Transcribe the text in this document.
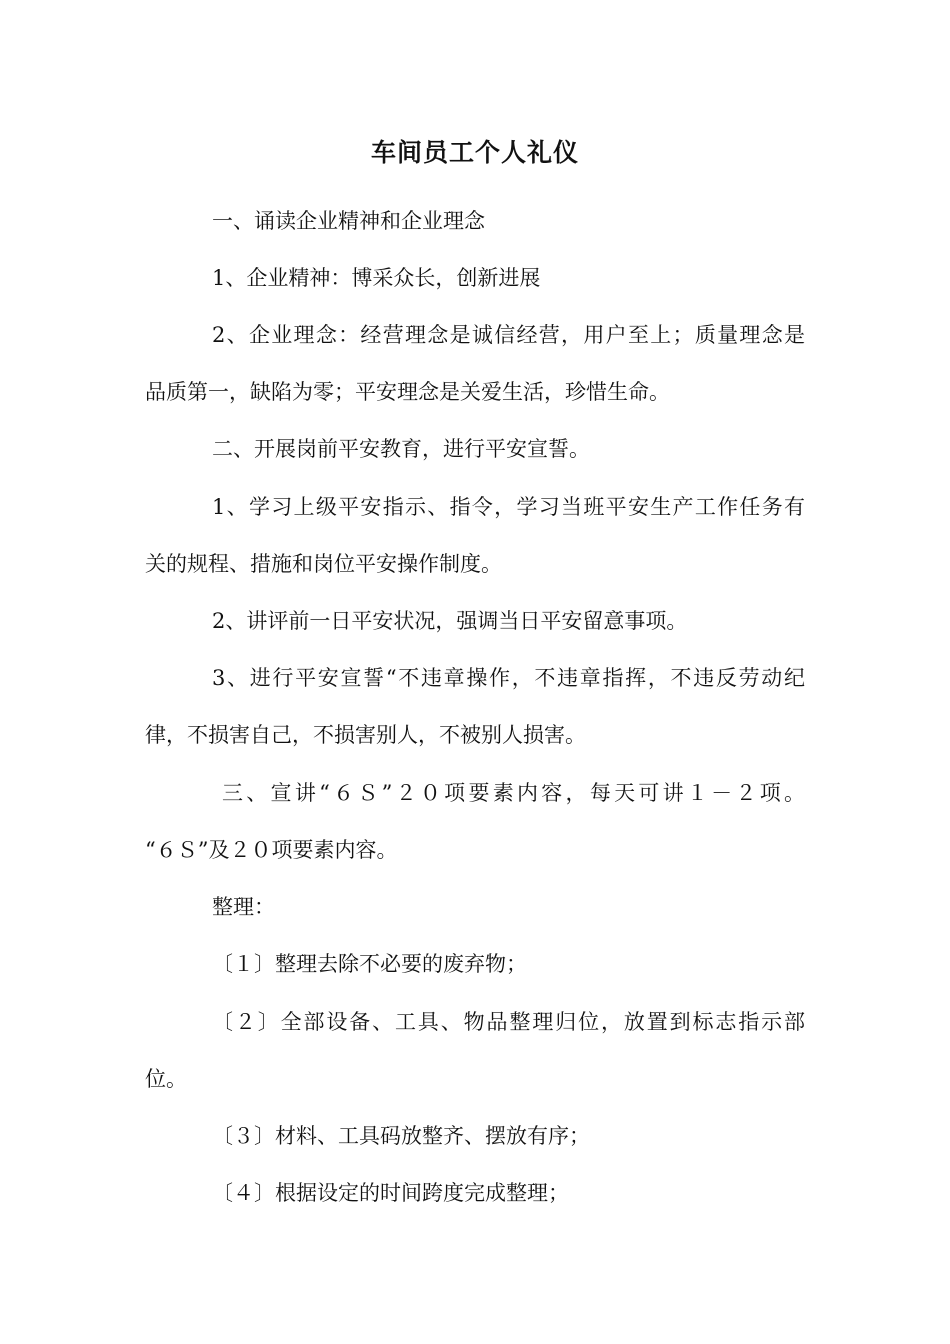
车间员工个人礼仪
一、诵读企业精神和企业理念
1、企业精神：博采众长，创新进展
2、企业理念：经营理念是诚信经营，用户至上；质量理念是
品质第一，缺陷为零；平安理念是关爱生活，珍惜生命。
二、开展岗前平安教育，进行平安宣誓。
1、学习上级平安指示、指令，学习当班平安生产工作任务有
关的规程、措施和岗位平安操作制度。
2、讲评前一日平安状况，强调当日平安留意事项。
3、进行平安宣誓“不违章操作，不违章指挥，不违反劳动纪
律，不损害自己，不损害别人，不被别人损害。
三、宣讲“６Ｓ”２０项要素内容，每天可讲１－２项。
“６Ｓ”及２０项要素内容。
整理：
〔１〕整理去除不必要的废弃物；
〔２〕全部设备、工具、物品整理归位，放置到标志指示部
位。
〔３〕材料、工具码放整齐、摆放有序；
〔４〕根据设定的时间跨度完成整理；
